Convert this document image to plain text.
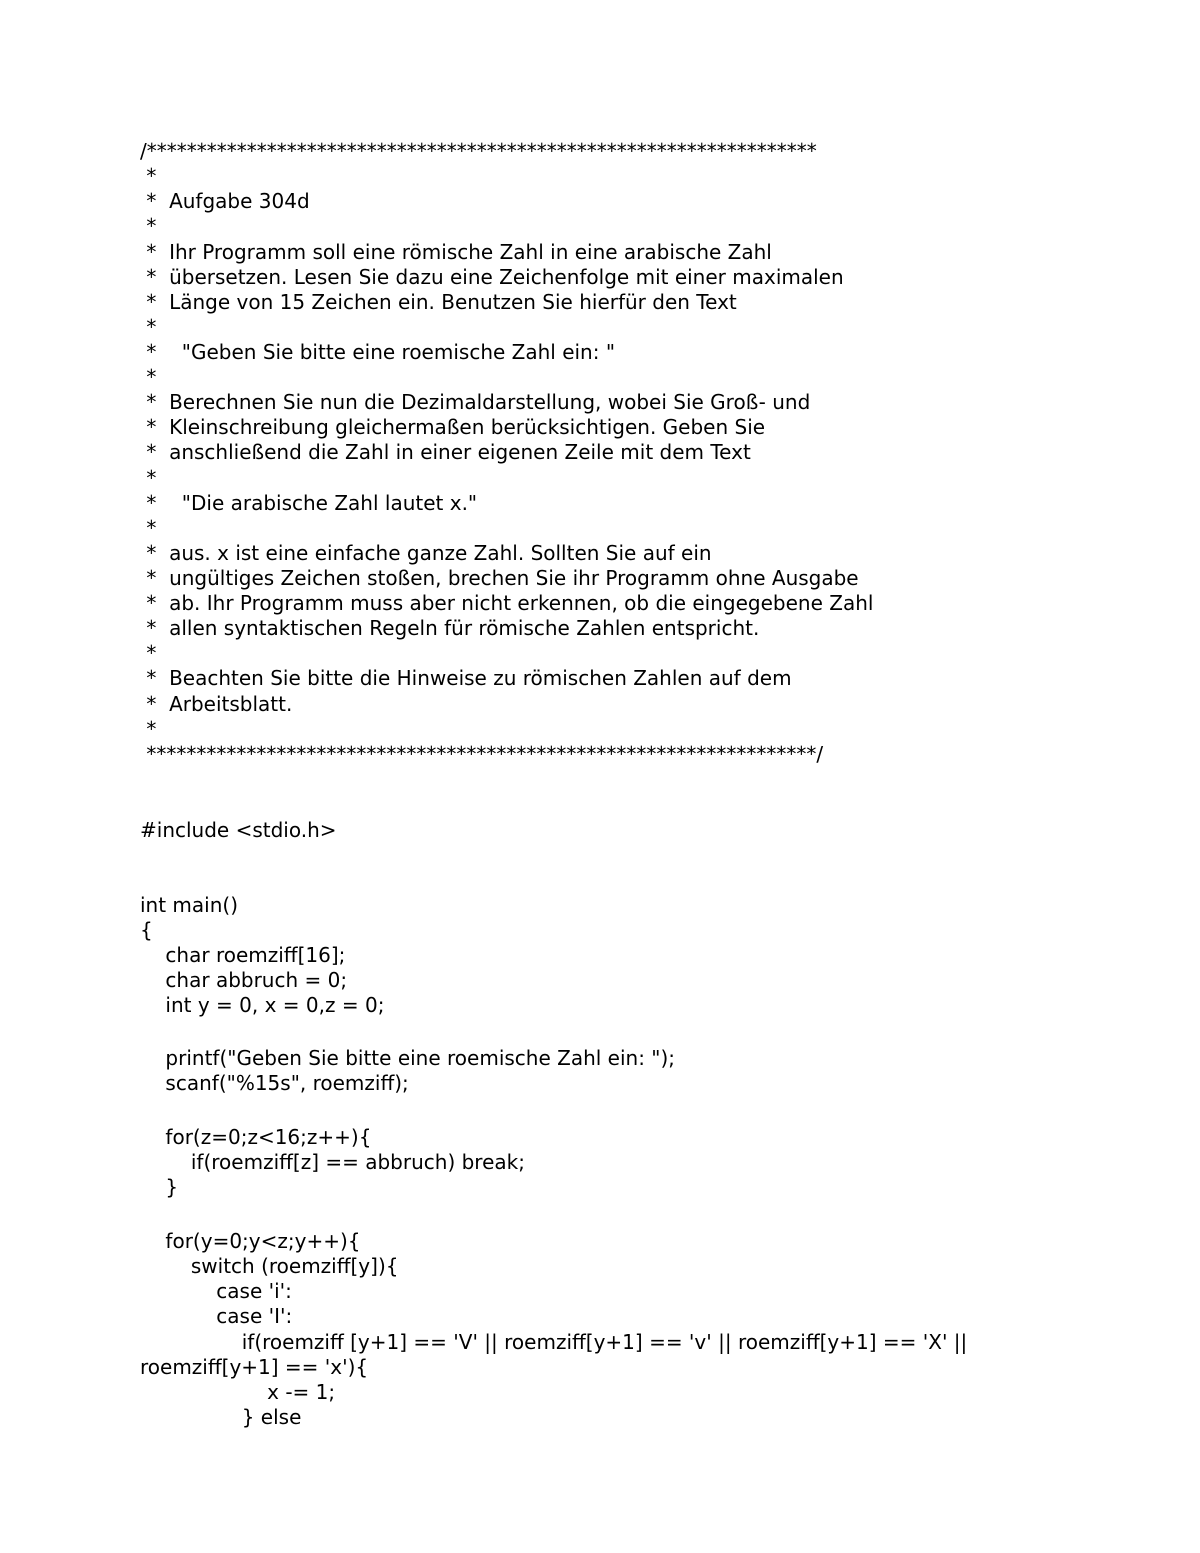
/*******************************************************************

*

*  Aufgabe 304d

*

*  Ihr Programm soll eine römische Zahl in eine arabische Zahl

*  übersetzen. Lesen Sie dazu eine Zeichenfolge mit einer maximalen

*  Länge von 15 Zeichen ein. Benutzen Sie hierfür den Text

*

*    "Geben Sie bitte eine roemische Zahl ein: "

*

*  Berechnen Sie nun die Dezimaldarstellung, wobei Sie Groß- und

*  Kleinschreibung gleichermaßen berücksichtigen. Geben Sie

*  anschließend die Zahl in einer eigenen Zeile mit dem Text

*

*    "Die arabische Zahl lautet x."

*

*  aus. x ist eine einfache ganze Zahl. Sollten Sie auf ein

*  ungültiges Zeichen stoßen, brechen Sie ihr Programm ohne Ausgabe

*  ab. Ihr Programm muss aber nicht erkennen, ob die eingegebene Zahl

*  allen syntaktischen Regeln für römische Zahlen entspricht.

*

*  Beachten Sie bitte die Hinweise zu römischen Zahlen auf dem

*  Arbeitsblatt.

*

*******************************************************************/

#include <stdio.h>

int main()

{

char roemziff[16];

char abbruch = 0;

int y = 0, x = 0,z = 0;

printf("Geben Sie bitte eine roemische Zahl ein: ");

scanf("%15s", roemziff);

for(z=0;z<16;z++){

if(roemziff[z] == abbruch) break;

}

for(y=0;y<z;y++){

switch (roemziff[y]){

case 'i':

case 'I':

if(roemziff [y+1] == 'V' || roemziff[y+1] == 'v' || roemziff[y+1] == 'X' ||

roemziff[y+1] == 'x'){

x -= 1;

} else
